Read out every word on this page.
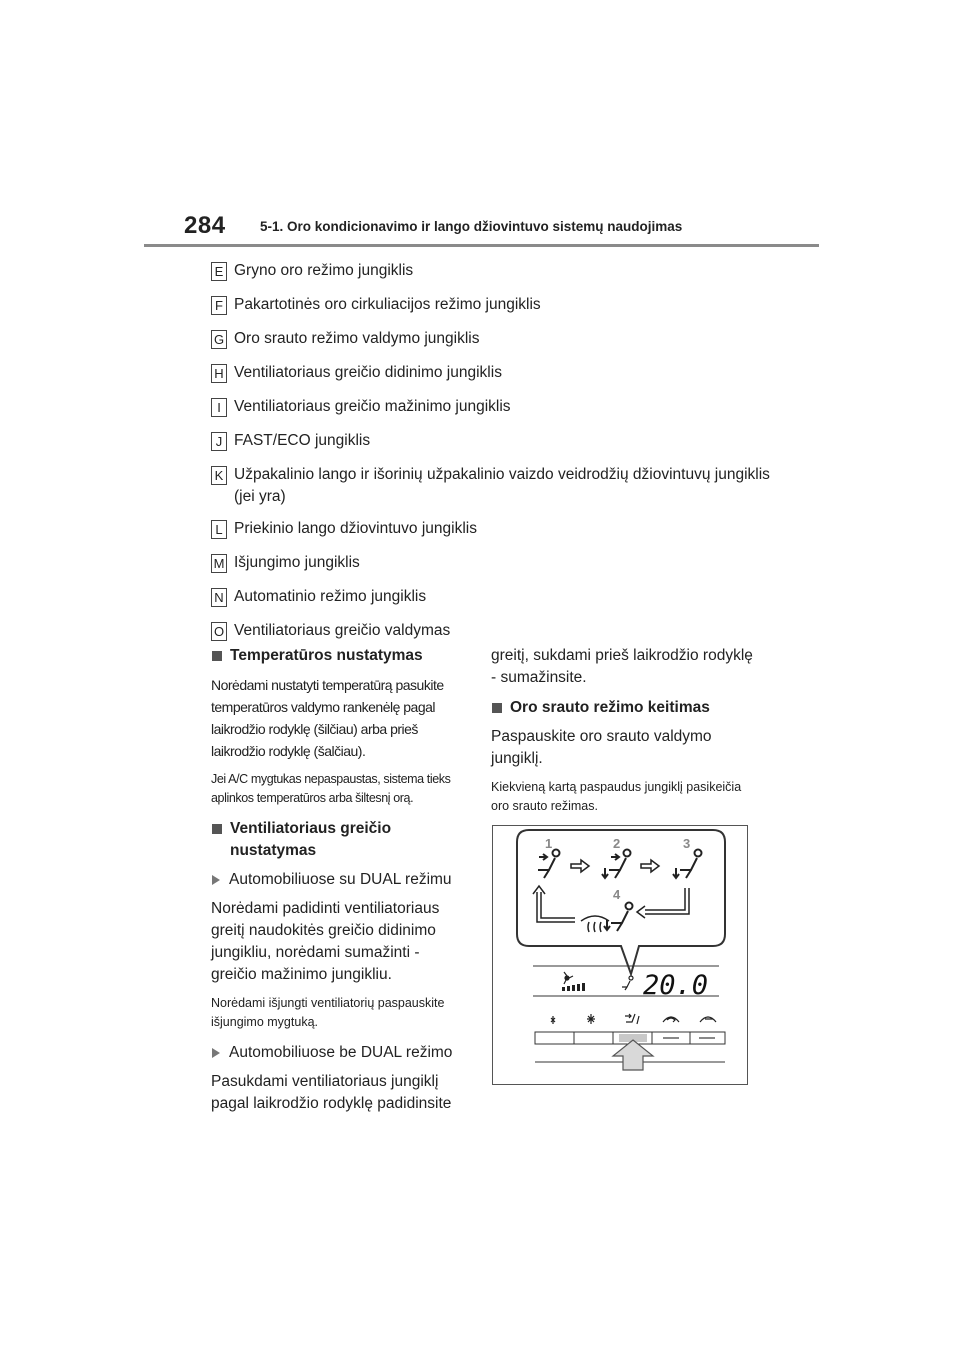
284	5-1. Oro kondicionavimo ir lango džiovintuvo sistemų naudojimas
E Gryno oro režimo jungiklis
F Pakartotinės oro cirkuliacijos režimo jungiklis
G Oro srauto režimo valdymo jungiklis
H Ventiliatoriaus greičio didinimo jungiklis
I Ventiliatoriaus greičio mažinimo jungiklis
J FAST/ECO jungiklis
K Užpakalinio lango ir išorinių užpakalinio vaizdo veidrodžių džiovintuvų jungiklis (jei yra)
L Priekinio lango džiovintuvo jungiklis
M Išjungimo jungiklis
N Automatinio režimo jungiklis
O Ventiliatoriaus greičio valdymas
Temperatūros nustatymas
Norėdami nustatyti temperatūrą pasukite temperatūros valdymo rankenėlę pagal laikrodžio rodyklę (šilčiau) arba prieš laikrodžio rodyklę (šalčiau).
Jei A/C mygtukas nepaspaustas, sistema tieks aplinkos temperatūros arba šiltesnį orą.
Ventiliatoriaus greičio nustatymas
Automobiliuose su DUAL režimu
Norėdami padidinti ventiliatoriaus greitį naudokitės greičio didinimo jungikliu, norėdami sumažinti - greičio mažinimo jungikliu.
Norėdami išjungti ventiliatorių paspauskite išjungimo mygtuką.
Automobiliuose be DUAL režimo
Pasukdami ventiliatoriaus jungiklį pagal laikrodžio rodyklę padidinsite
greitį, sukdami prieš laikrodžio rodyklę - sumažinsite.
Oro srauto režimo keitimas
Paspauskite oro srauto valdymo jungiklį.
Kiekvieną kartą paspaudus jungiklį pasikeičia oro srauto režimas.
1	2	3
4
20.0
